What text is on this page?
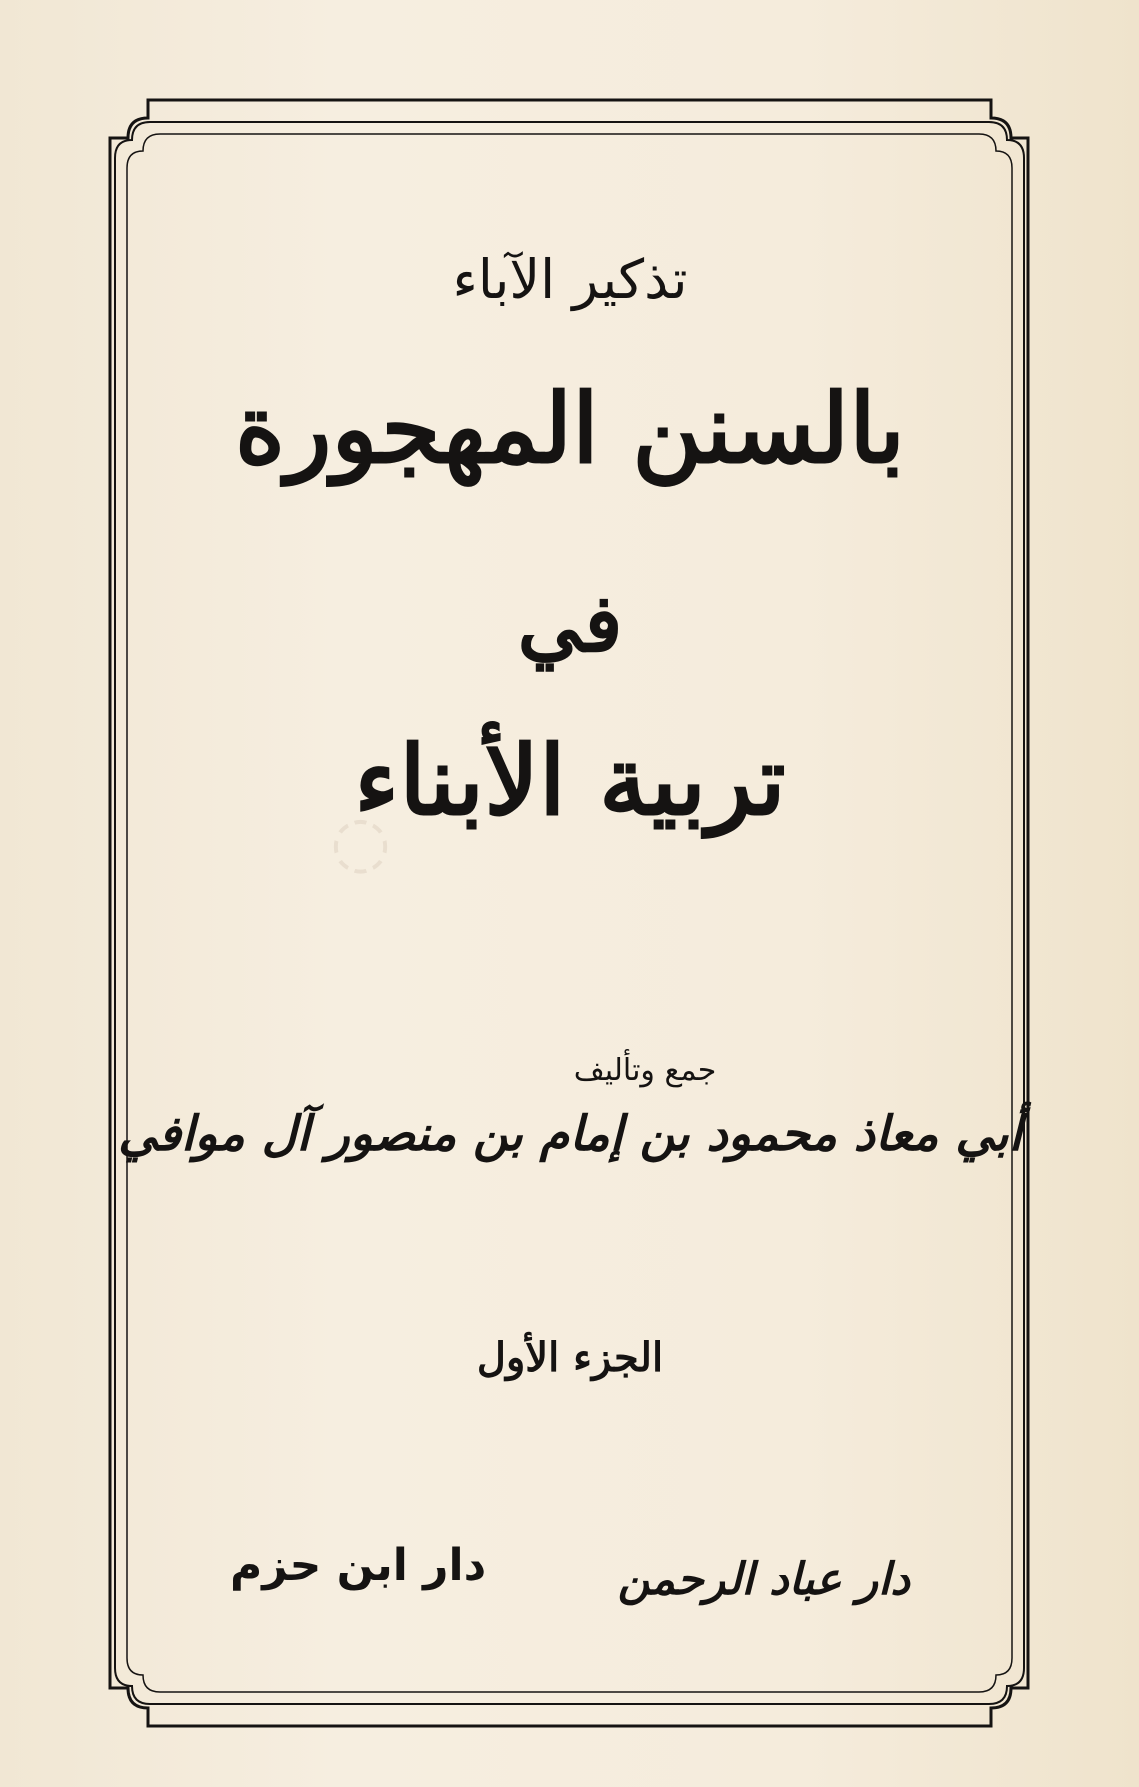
◌
تذكير الآباء
بالسنن المهجورة
في
تربية الأبناء
جمع وتأليف
أبي معاذ محمود بن إمام بن منصور آل موافي
الجزء الأول
دار عباد الرحمن
دار ابن حزم
